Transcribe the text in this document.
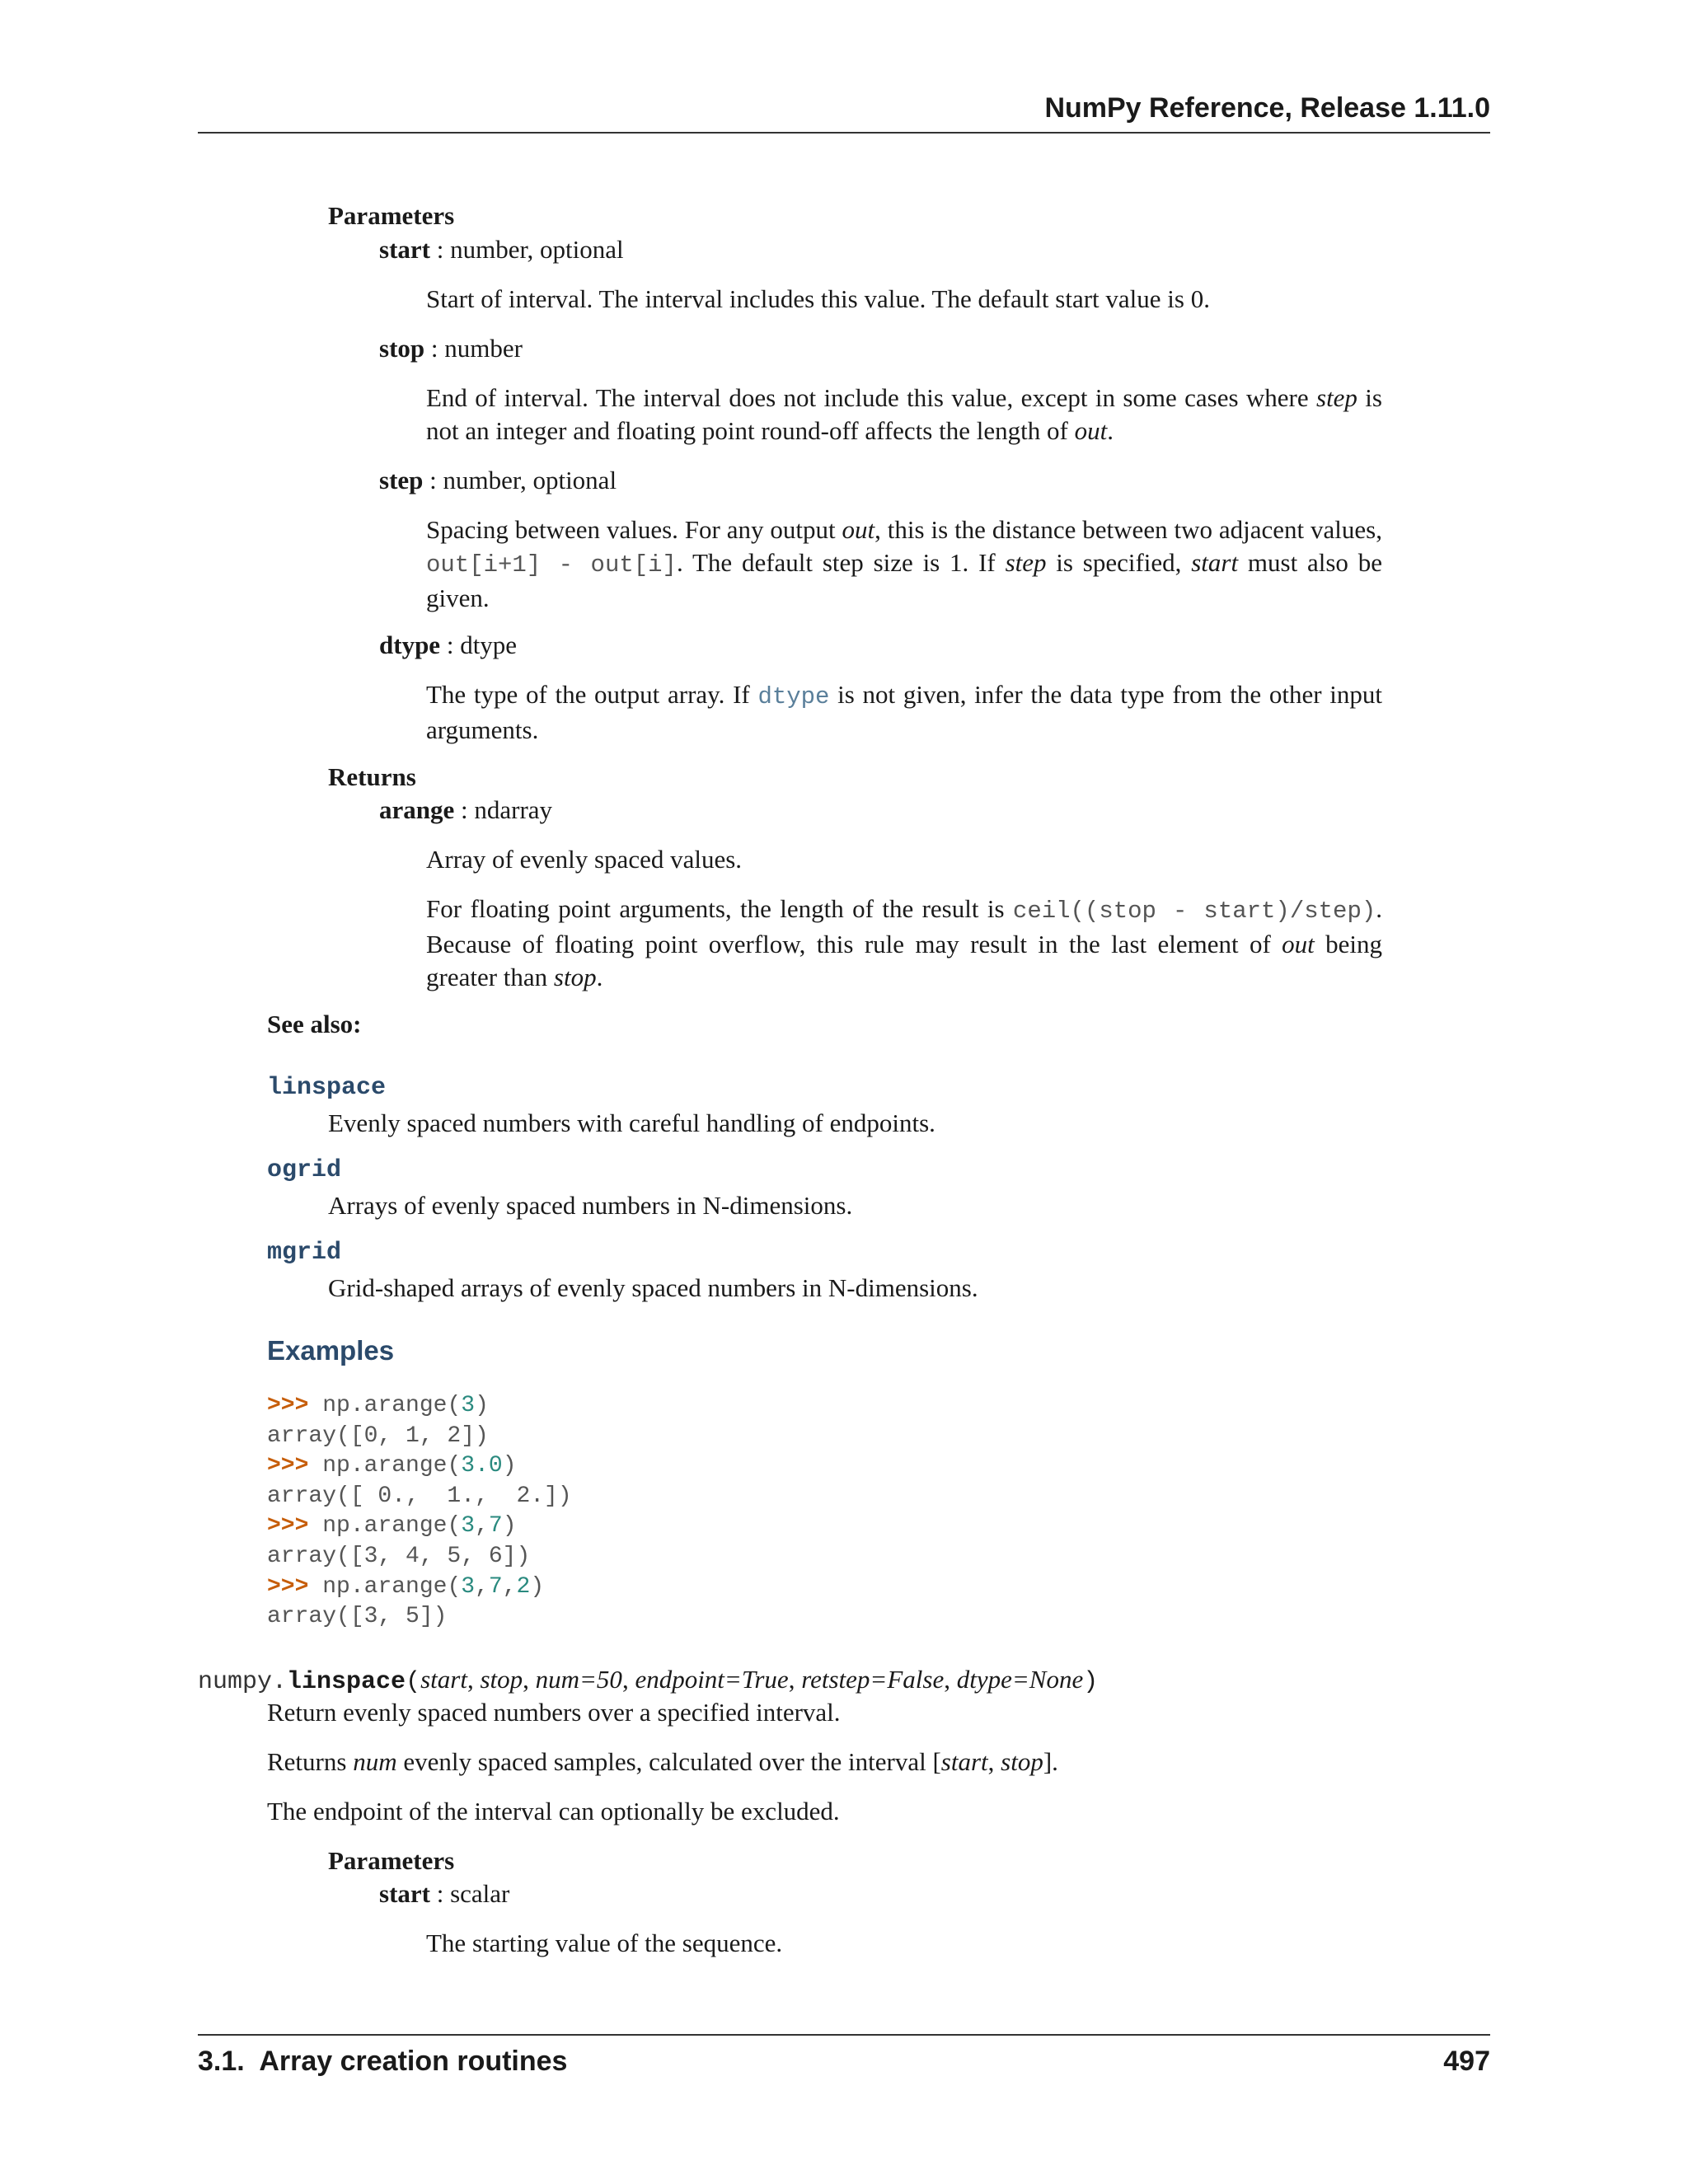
NumPy Reference, Release 1.11.0
Parameters
start : number, optional
Start of interval. The interval includes this value. The default start value is 0.
stop : number
End of interval. The interval does not include this value, except in some cases where step is not an integer and floating point round-off affects the length of out.
step : number, optional
Spacing between values. For any output out, this is the distance between two adjacent values, out[i+1] - out[i]. The default step size is 1. If step is specified, start must also be given.
dtype : dtype
The type of the output array. If dtype is not given, infer the data type from the other input arguments.
Returns
arange : ndarray
Array of evenly spaced values.
For floating point arguments, the length of the result is ceil((stop - start)/step). Because of floating point overflow, this rule may result in the last element of out being greater than stop.
See also:
linspace
Evenly spaced numbers with careful handling of endpoints.
ogrid
Arrays of evenly spaced numbers in N-dimensions.
mgrid
Grid-shaped arrays of evenly spaced numbers in N-dimensions.
Examples
>>> np.arange(3)
array([0, 1, 2])
>>> np.arange(3.0)
array([ 0.,  1.,  2.])
>>> np.arange(3,7)
array([3, 4, 5, 6])
>>> np.arange(3,7,2)
array([3, 5])
numpy.linspace(start, stop, num=50, endpoint=True, retstep=False, dtype=None)
Return evenly spaced numbers over a specified interval.
Returns num evenly spaced samples, calculated over the interval [start, stop].
The endpoint of the interval can optionally be excluded.
Parameters
start : scalar
The starting value of the sequence.
3.1.  Array creation routines	497
